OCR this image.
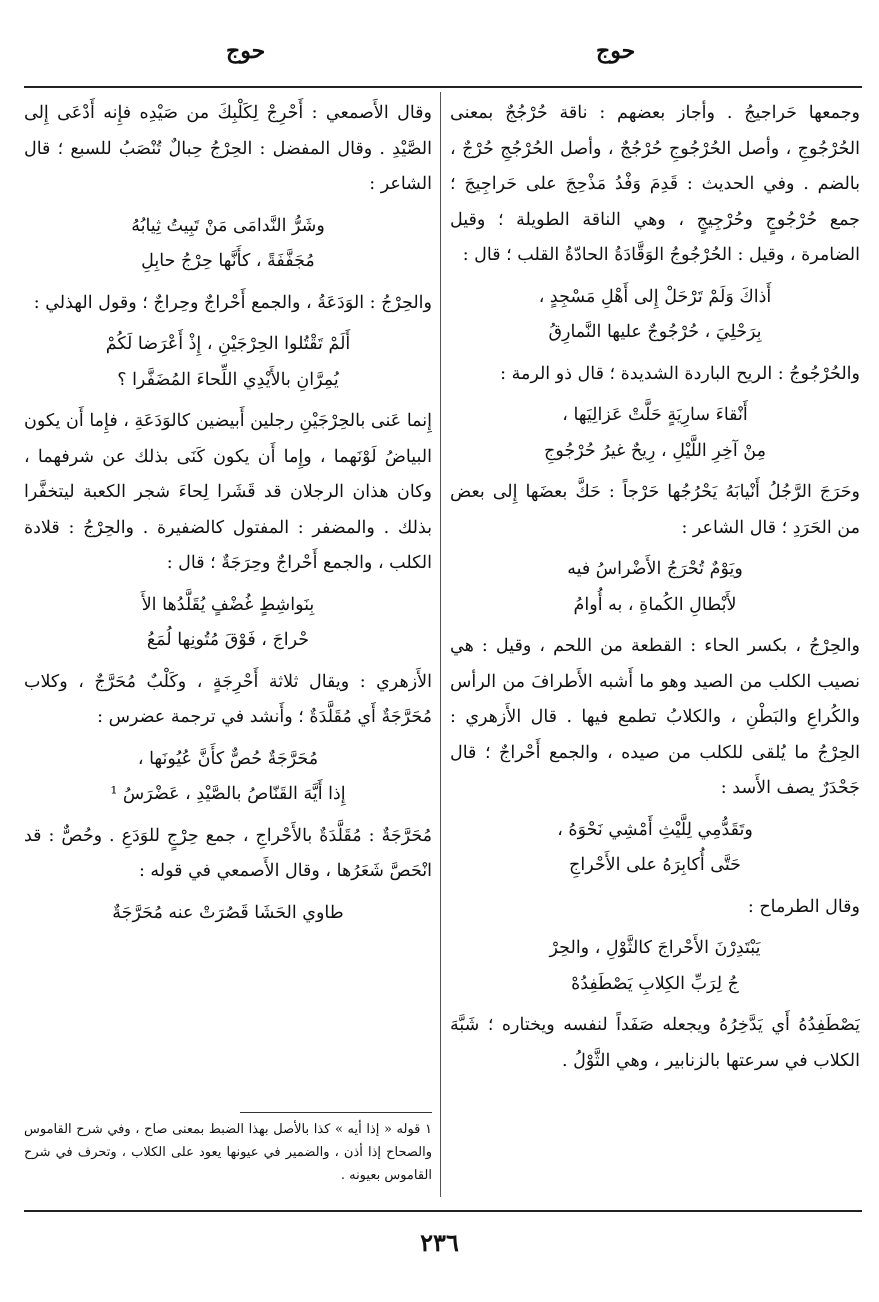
حوج
حوج

وجمعها حَراجيجُ . وأجاز بعضهم : ناقة حُرْجُجٌ بمعنى الحُرْجُوجِ ، وأصل الحُرْجُوجِ حُرْجُجٌ ، وأصل الحُرْجُجِ حُرْجٌ ، بالضم . وفي الحديث : قَدِمَ وَفْدُ مَذْحِجَ على حَراجِيجَ ؛ جمع حُرْجُوجٍ وحُرْجِيجٍ ، وهي الناقة الطويلة ؛ وقيل الضامرة ، وقيل : الحُرْجُوجُ الوَقَّادَةُ الحادّةُ القلب ؛ قال :

أَذاكَ وَلَمْ تَرْحَلْ إِلى أَهْلِ مَسْجِدٍ ،
بِرَحْلِيَ ، حُرْجُوجٌ عليها النَّمارِقُ

والحُرْجُوجُ : الريح الباردة الشديدة ؛ قال ذو الرمة :

أَنْقاءَ سارِيَةٍ حَلَّتْ عَزالِيَها ،
مِنْ آخِرِ اللَّيْلِ ، رِيحٌ غيرُ حُرْجُوجِ

وحَرَجَ الرَّجُلُ أَنْيابَهُ يَحْرُجُها حَرْجاً : حَكَّ بعضَها إِلى بعض من الحَرَدِ ؛ قال الشاعر :

ويَوْمٌ تُحْرَجُ الأَضْراسُ فيه
لأَبْطالِ الكُماةِ ، به أُوامُ

والحِرْجُ ، بكسر الحاء : القطعة من اللحم ، وقيل : هي نصيب الكلب من الصيد وهو ما أَشبه الأَطرافَ من الرأس والكُراعِ والبَطْنِ ، والكلابُ تطمع فيها . قال الأَزهري : الحِرْجُ ما يُلقى للكلب من صيده ، والجمع أَحْراجٌ ؛ قال جَحْدَرٌ يصف الأَسد :

وتَقَدُّمِي لِلَّيْثِ أَمْشِي نَحْوَهُ ،
حَتَّى أُكابِرَهُ على الأَحْراجِ

وقال الطرماح :

يَبْتَدِرْنَ الأَحْراجَ كالثَّوْلِ ، والحِرْ
جُ لِرَبِّ الكِلابِ يَصْطَفِدُهْ

يَصْطَفِدُهُ أَي يَدَّخِرُهُ ويجعله صَفَداً لنفسه ويختاره ؛ شَبَّهَ الكلاب في سرعتها بالزنابير ، وهي الثَّوْلُ .

وقال الأَصمعي : أَحْرِجْ لِكَلْبِكَ من صَيْدِه فإِنه أَدْعَى إِلى الصَّيْدِ . وقال المفضل : الحِرْجُ حِبالٌ تُنْصَبُ للسبع ؛ قال الشاعر :

وشَرُّ النَّدامَى مَنْ تَبِيتُ ثِيابُهُ
مُجَفَّفَةً ، كأَنَّها حِرْجُ حابِلِ

والحِرْجُ : الوَدَعَةُ ، والجمع أَحْراجٌ وحِراجٌ ؛ وقول الهذلي :

أَلَمْ تَقْتُلوا الحِرْجَيْنِ ، إِذْ أَعْرَضا لَكُمْ
يُمِرَّانِ بالأَيْدِي اللِّحاءَ المُضَفَّرا ؟

إِنما عَنى بالحِرْجَيْنِ رجلين أَبيضين كالوَدَعَةِ ، فإِما أَن يكون البياضُ لَوْنَهما ، وإِما أَن يكون كَنَى بذلك عن شرفهما ، وكان هذان الرجلان قد قَشَرا لِحاءَ شجر الكعبة ليتخفَّرا بذلك . والمضفر : المفتول كالضفيرة . والحِرْجُ : قلادة الكلب ، والجمع أَحْراجٌ وحِرَجَةٌ ؛ قال :

بِنَواشِطٍ غُضْفٍ يُقَلَّدُها الأَ
حْراجَ ، فَوْقَ مُتُونِها لُمَعُ

الأَزهري : ويقال ثلاثة أَحْرِجَةٍ ، وكَلْبٌ مُحَرَّجٌ ، وكلاب مُحَرَّجَةٌ أَي مُقَلَّدَةٌ ؛ وأَنشد في ترجمة عضرس :

مُحَرَّجَةٌ حُصٌّ كأَنَّ عُيُونَها ،
إِذا أَيَّهَ القَنّاصُ بالصَّيْدِ ، عَضْرَسُ ¹

مُحَرَّجَةٌ : مُقَلَّدَةٌ بالأَحْراجِ ، جمع حِرْجٍ للوَدَعِ . وحُصٌّ : قد انْحَصَّ شَعَرُها ، وقال الأَصمعي في قوله :

طاوي الحَشَا قَصُرَتْ عنه مُحَرَّجَةٌ
١ قوله « إذا أيه » كذا بالأصل بهذا الضبط بمعنى صاح ، وفي شرح القاموس والصحاح إذا أذن ، والضمير في عيونها يعود على الكلاب ، وتحرف في شرح القاموس بعيونه .
٢٣٦
